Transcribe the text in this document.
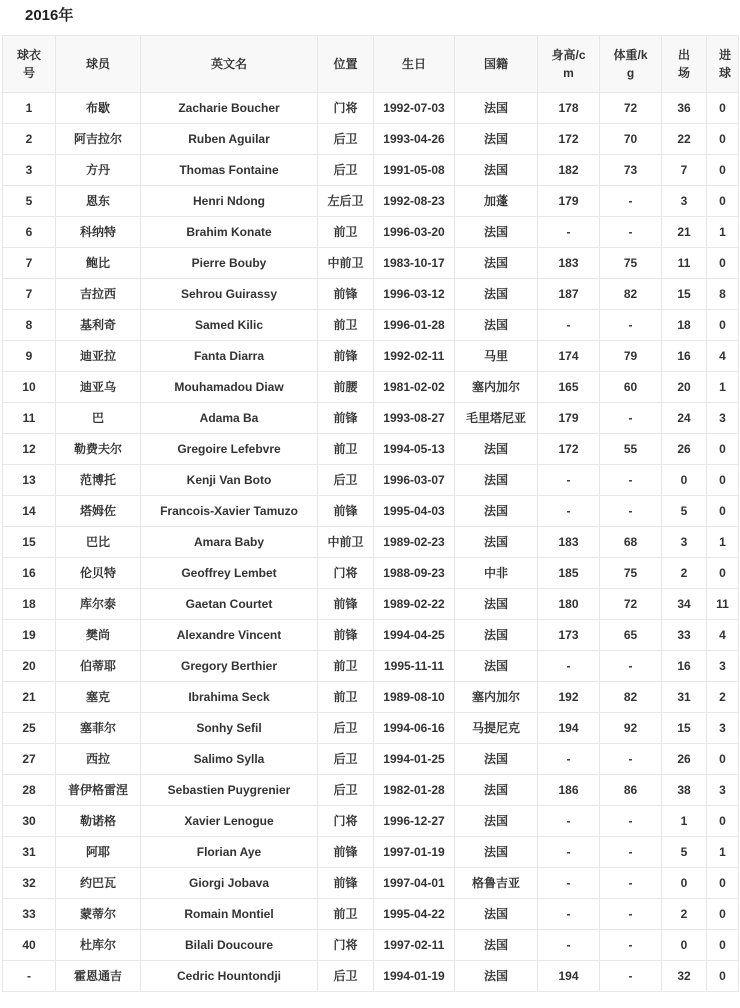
2016年
球衣号	球员	英文名	位置	生日	国籍	身高/cm	体重/kg	出场	进球
1	布歇	Zacharie Boucher	门将	1992-07-03	法国	178	72	36	0
2	阿吉拉尔	Ruben Aguilar	后卫	1993-04-26	法国	172	70	22	0
3	方丹	Thomas Fontaine	后卫	1991-05-08	法国	182	73	7	0
5	恩东	Henri Ndong	左后卫	1992-08-23	加蓬	179	-	3	0
6	科纳特	Brahim Konate	前卫	1996-03-20	法国	-	-	21	1
7	鲍比	Pierre Bouby	中前卫	1983-10-17	法国	183	75	11	0
7	吉拉西	Sehrou Guirassy	前锋	1996-03-12	法国	187	82	15	8
8	基利奇	Samed Kilic	前卫	1996-01-28	法国	-	-	18	0
9	迪亚拉	Fanta Diarra	前锋	1992-02-11	马里	174	79	16	4
10	迪亚乌	Mouhamadou Diaw	前腰	1981-02-02	塞内加尔	165	60	20	1
11	巴	Adama Ba	前锋	1993-08-27	毛里塔尼亚	179	-	24	3
12	勒费夫尔	Gregoire Lefebvre	前卫	1994-05-13	法国	172	55	26	0
13	范博托	Kenji Van Boto	后卫	1996-03-07	法国	-	-	0	0
14	塔姆佐	Francois-Xavier Tamuzo	前锋	1995-04-03	法国	-	-	5	0
15	巴比	Amara Baby	中前卫	1989-02-23	法国	183	68	3	1
16	伦贝特	Geoffrey Lembet	门将	1988-09-23	中非	185	75	2	0
18	库尔泰	Gaetan Courtet	前锋	1989-02-22	法国	180	72	34	11
19	樊尚	Alexandre Vincent	前锋	1994-04-25	法国	173	65	33	4
20	伯蒂耶	Gregory Berthier	前卫	1995-11-11	法国	-	-	16	3
21	塞克	Ibrahima Seck	前卫	1989-08-10	塞内加尔	192	82	31	2
25	塞菲尔	Sonhy Sefil	后卫	1994-06-16	马提尼克	194	92	15	3
27	西拉	Salimo Sylla	后卫	1994-01-25	法国	-	-	26	0
28	普伊格雷涅	Sebastien Puygrenier	后卫	1982-01-28	法国	186	86	38	3
30	勒诺格	Xavier Lenogue	门将	1996-12-27	法国	-	-	1	0
31	阿耶	Florian Aye	前锋	1997-01-19	法国	-	-	5	1
32	约巴瓦	Giorgi Jobava	前锋	1997-04-01	格鲁吉亚	-	-	0	0
33	蒙蒂尔	Romain Montiel	前卫	1995-04-22	法国	-	-	2	0
40	杜库尔	Bilali Doucoure	门将	1997-02-11	法国	-	-	0	0
-	霍恩通吉	Cedric Hountondji	后卫	1994-01-19	法国	194	-	32	0
